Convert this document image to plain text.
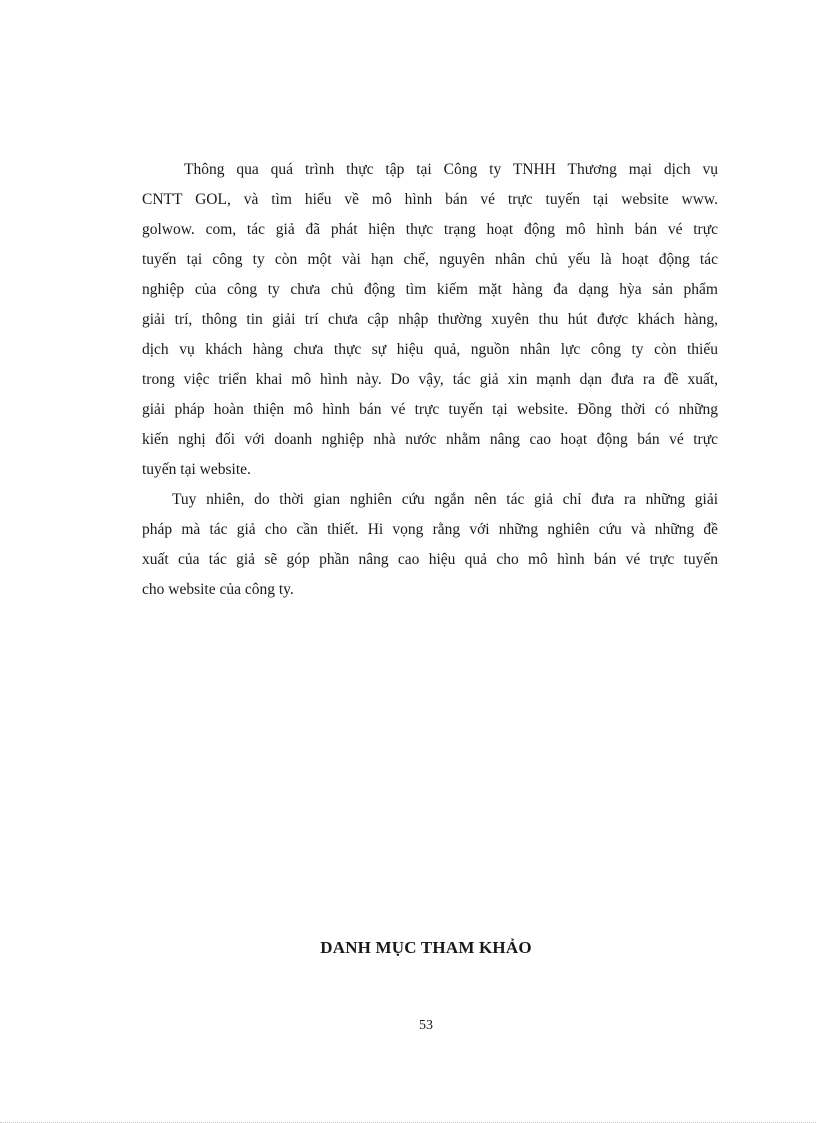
Thông qua quá trình thực tập tại Công ty TNHH Thương mại dịch vụ
CNTT GOL, và tìm hiểu về mô hình bán vé trực tuyến tại website www.
golwow. com, tác giả đã phát hiện thực trạng hoạt động mô hình bán vé trực
tuyến tại công ty còn một vài hạn chế, nguyên nhân chủ yếu là hoạt động tác
nghiệp của công ty chưa chủ động tìm kiếm mặt hàng đa dạng hỳa sản phẩm
giải trí, thông tin giải trí chưa cập nhập thường xuyên thu hút được khách hàng,
dịch vụ khách hàng chưa thực sự hiệu quả, nguồn nhân lực công ty còn thiếu
trong việc triển khai mô hình này. Do vậy, tác giả xin mạnh dạn đưa ra đề xuất,
giải pháp hoàn thiện mô hình bán vé trực tuyến tại website. Đồng thời có những
kiến nghị đối với doanh nghiệp nhà nước nhằm nâng cao hoạt động bán vé trực
tuyến tại website.
Tuy nhiên, do thời gian nghiên cứu ngắn nên tác giả chỉ đưa ra những giải
pháp mà tác giả cho cần thiết. Hi vọng rằng với những nghiên cứu và những đề
xuất của tác giả sẽ góp phần nâng cao hiệu quả cho mô hình bán vé trực tuyến
cho website của công ty.
DANH MỤC THAM KHẢO
53
